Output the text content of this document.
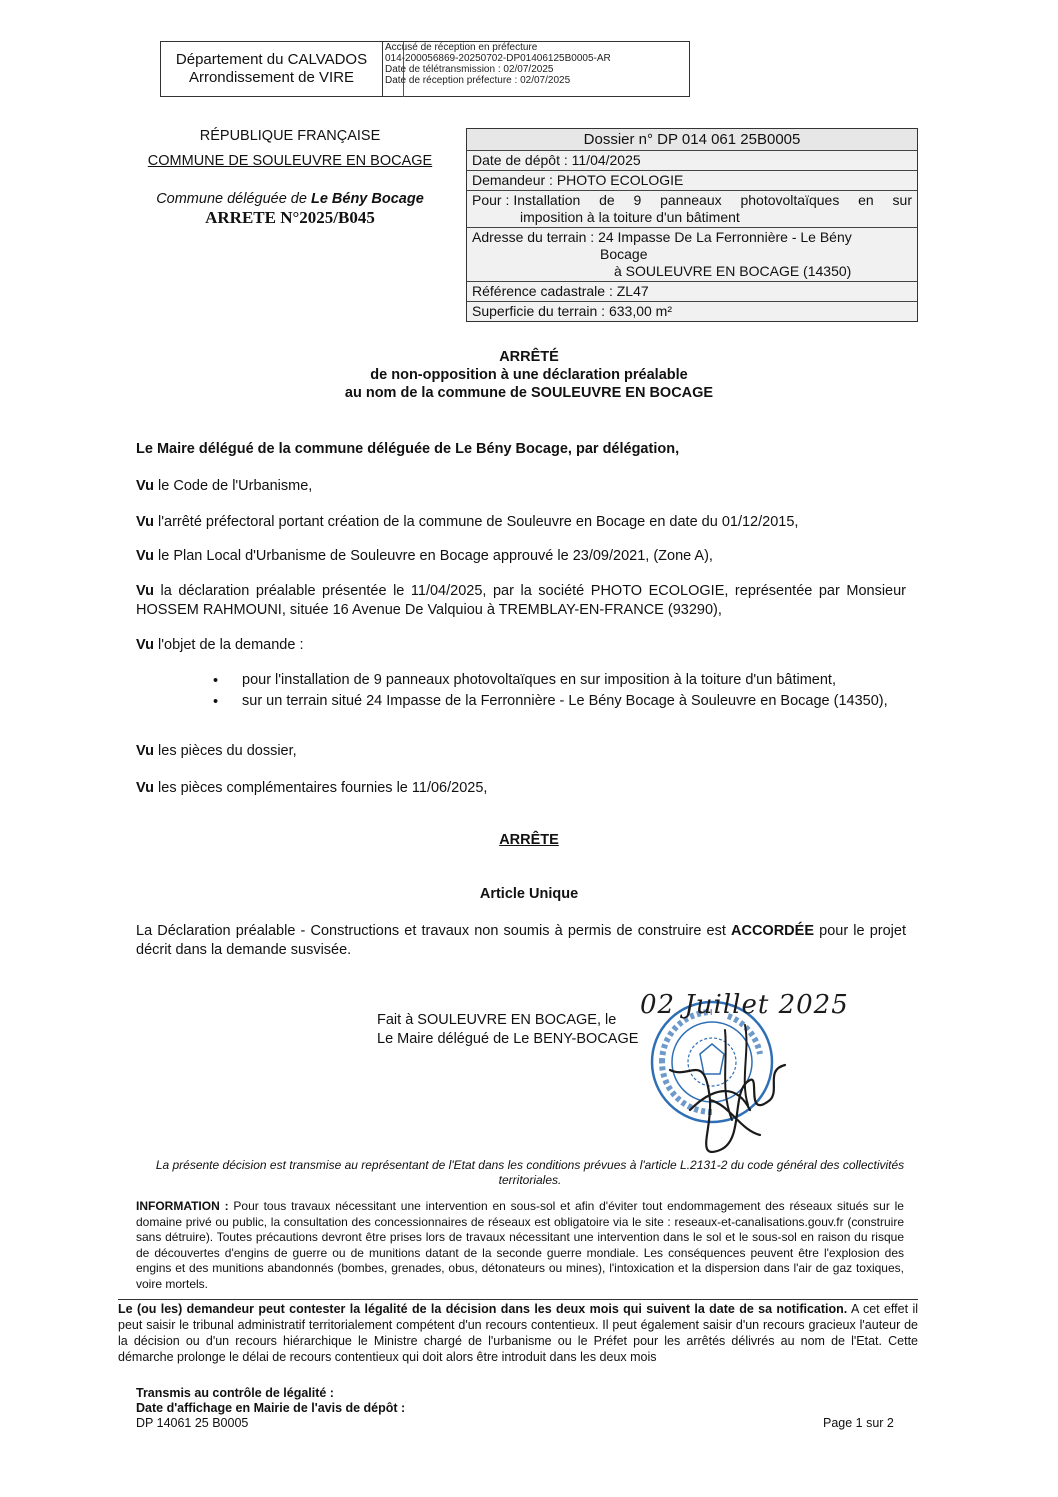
Département du CALVADOS
Arrondissement de VIRE
Accusé de réception en préfecture
014-200056869-20250702-DP01406125B0005-AR
Date de télétransmission : 02/07/2025
Date de réception préfecture : 02/07/2025
RÉPUBLIQUE FRANÇAISE
COMMUNE DE SOULEUVRE EN BOCAGE
Commune déléguée de Le Bény Bocage
ARRETE N°2025/B045
Dossier n° DP 014 061 25B0005
Date de dépôt : 11/04/2025
Demandeur : PHOTO ECOLOGIE
Pour : Installation de 9 panneaux photovoltaïques en sur
imposition à la toiture d'un bâtiment
Adresse du terrain : 24 Impasse De La Ferronnière - Le Bény
Bocage
à SOULEUVRE EN BOCAGE (14350)
Référence cadastrale : ZL47
Superficie du terrain : 633,00 m²
ARRÊTÉ
de non-opposition à une déclaration préalable
au nom de la commune de SOULEUVRE EN BOCAGE
Le Maire délégué de la commune déléguée de Le Bény Bocage, par délégation,
Vu le Code de l'Urbanisme,
Vu l'arrêté préfectoral portant création de la commune de Souleuvre en Bocage en date du 01/12/2015,
Vu le Plan Local d'Urbanisme de Souleuvre en Bocage approuvé le 23/09/2021, (Zone A),
Vu la déclaration préalable présentée le 11/04/2025, par la société PHOTO ECOLOGIE, représentée par Monsieur HOSSEM RAHMOUNI, située 16 Avenue De Valquiou à TREMBLAY-EN-FRANCE (93290),
Vu l'objet de la demande :
• pour l'installation de 9 panneaux photovoltaïques en sur imposition à la toiture d'un bâtiment,
• sur un terrain situé 24 Impasse de la Ferronnière - Le Bény Bocage à Souleuvre en Bocage (14350),
Vu les pièces du dossier,
Vu les pièces complémentaires fournies le 11/06/2025,
ARRÊTE
Article Unique
La Déclaration préalable - Constructions et travaux non soumis à permis de construire est ACCORDÉE pour le projet décrit dans la demande susvisée.
Fait à SOULEUVRE EN BOCAGE, le
Le Maire délégué de Le BENY-BOCAGE
02 Juillet 2025
La présente décision est transmise au représentant de l'Etat dans les conditions prévues à l'article L.2131-2 du code général des collectivités territoriales.
INFORMATION : Pour tous travaux nécessitant une intervention en sous-sol et afin d'éviter tout endommagement des réseaux situés sur le domaine privé ou public, la consultation des concessionnaires de réseaux est obligatoire via le site : reseaux-et-canalisations.gouv.fr (construire sans détruire). Toutes précautions devront être prises lors de travaux nécessitant une intervention dans le sol et le sous-sol en raison du risque de découvertes d'engins de guerre ou de munitions datant de la seconde guerre mondiale. Les conséquences peuvent être l'explosion des engins et des munitions abandonnés (bombes, grenades, obus, détonateurs ou mines), l'intoxication et la dispersion dans l'air de gaz toxiques, voire mortels.
Le (ou les) demandeur peut contester la légalité de la décision dans les deux mois qui suivent la date de sa notification. A cet effet il peut saisir le tribunal administratif territorialement compétent d'un recours contentieux. Il peut également saisir d'un recours gracieux l'auteur de la décision ou d'un recours hiérarchique le Ministre chargé de l'urbanisme ou le Préfet pour les arrêtés délivrés au nom de l'Etat. Cette démarche prolonge le délai de recours contentieux qui doit alors être introduit dans les deux mois
Transmis au contrôle de légalité :
Date d'affichage en Mairie de l'avis de dépôt :
DP 14061 25 B0005	Page 1 sur 2
